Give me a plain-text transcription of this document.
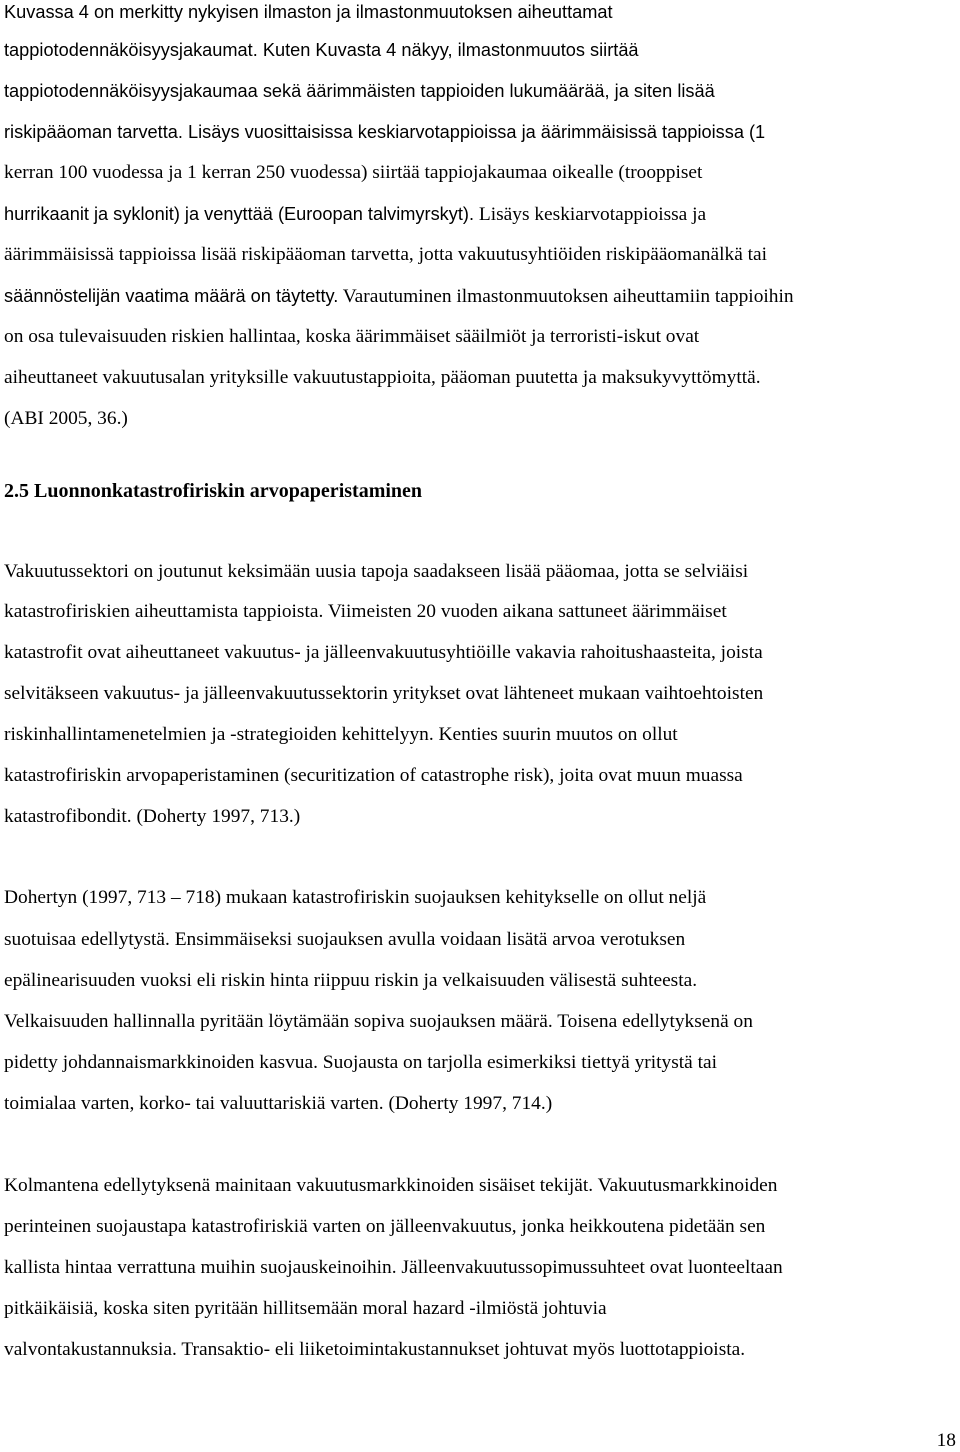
Kuvassa 4 on merkitty nykyisen ilmaston ja ilmastonmuutoksen aiheuttamat
tappiotodennäköisyysjakaumat. Kuten Kuvasta 4 näkyy, ilmastonmuutos siirtää
tappiotodennäköisyysjakaumaa sekä äärimmäisten tappioiden lukumäärää, ja siten lisää
riskipääoman tarvetta. Lisäys vuosittaisissa keskiarvotappioissa ja äärimmäisissä tappioissa (1
kerran 100 vuodessa ja 1 kerran 250 vuodessa) siirtää tappiojakaumaa oikealle (trooppiset
hurrikaanit ja syklonit) ja venyttää (Euroopan talvimyrskyt). Lisäys keskiarvotappioissa ja
äärimmäisissä tappioissa lisää riskipääoman tarvetta, jotta vakuutusyhtiöiden riskipääomanälkä tai
säännöstelijän vaatima määrä on täytetty. Varautuminen ilmastonmuutoksen aiheuttamiin tappioihin
on osa tulevaisuuden riskien hallintaa, koska äärimmäiset sääilmiöt ja terroristi-iskut ovat
aiheuttaneet vakuutusalan yrityksille vakuutustappioita, pääoman puutetta ja maksukyvyttömyttä.
(ABI 2005, 36.)
2.5 Luonnonkatastrofiriskin arvopaperistaminen
Vakuutussektori on joutunut keksimään uusia tapoja saadakseen lisää pääomaa, jotta se selviäisi
katastrofiriskien aiheuttamista tappioista. Viimeisten 20 vuoden aikana sattuneet äärimmäiset
katastrofit ovat aiheuttaneet vakuutus- ja jälleenvakuutusyhtiöille vakavia rahoitushaasteita, joista
selvitäkseen vakuutus- ja jälleenvakuutussektorin yritykset ovat lähteneet mukaan vaihtoehtoisten
riskinhallintamenetelmien ja -strategioiden kehittelyyn. Kenties suurin muutos on ollut
katastrofiriskin arvopaperistaminen (securitization of catastrophe risk), joita ovat muun muassa
katastrofibondit. (Doherty 1997, 713.)
Dohertyn (1997, 713 – 718) mukaan katastrofiriskin suojauksen kehitykselle on ollut neljä
suotuisaa edellytystä. Ensimmäiseksi suojauksen avulla voidaan lisätä arvoa verotuksen
epälinearisuuden vuoksi eli riskin hinta riippuu riskin ja velkaisuuden välisestä suhteesta.
Velkaisuuden hallinnalla pyritään löytämään sopiva suojauksen määrä. Toisena edellytyksenä on
pidetty johdannaismarkkinoiden kasvua. Suojausta on tarjolla esimerkiksi tiettyä yritystä tai
toimialaa varten, korko- tai valuuttariskiä varten. (Doherty 1997, 714.)
Kolmantena edellytyksenä mainitaan vakuutusmarkkinoiden sisäiset tekijät. Vakuutusmarkkinoiden
perinteinen suojaustapa katastrofiriskiä varten on jälleenvakuutus, jonka heikkoutena pidetään sen
kallista hintaa verrattuna muihin suojauskeinoihin. Jälleenvakuutussopimussuhteet ovat luonteeltaan
pitkäikäisiä, koska siten pyritään hillitsemään moral hazard -ilmiöstä johtuvia
valvontakustannuksia. Transaktio- eli liiketoimintakustannukset johtuvat myös luottotappioista.
18
